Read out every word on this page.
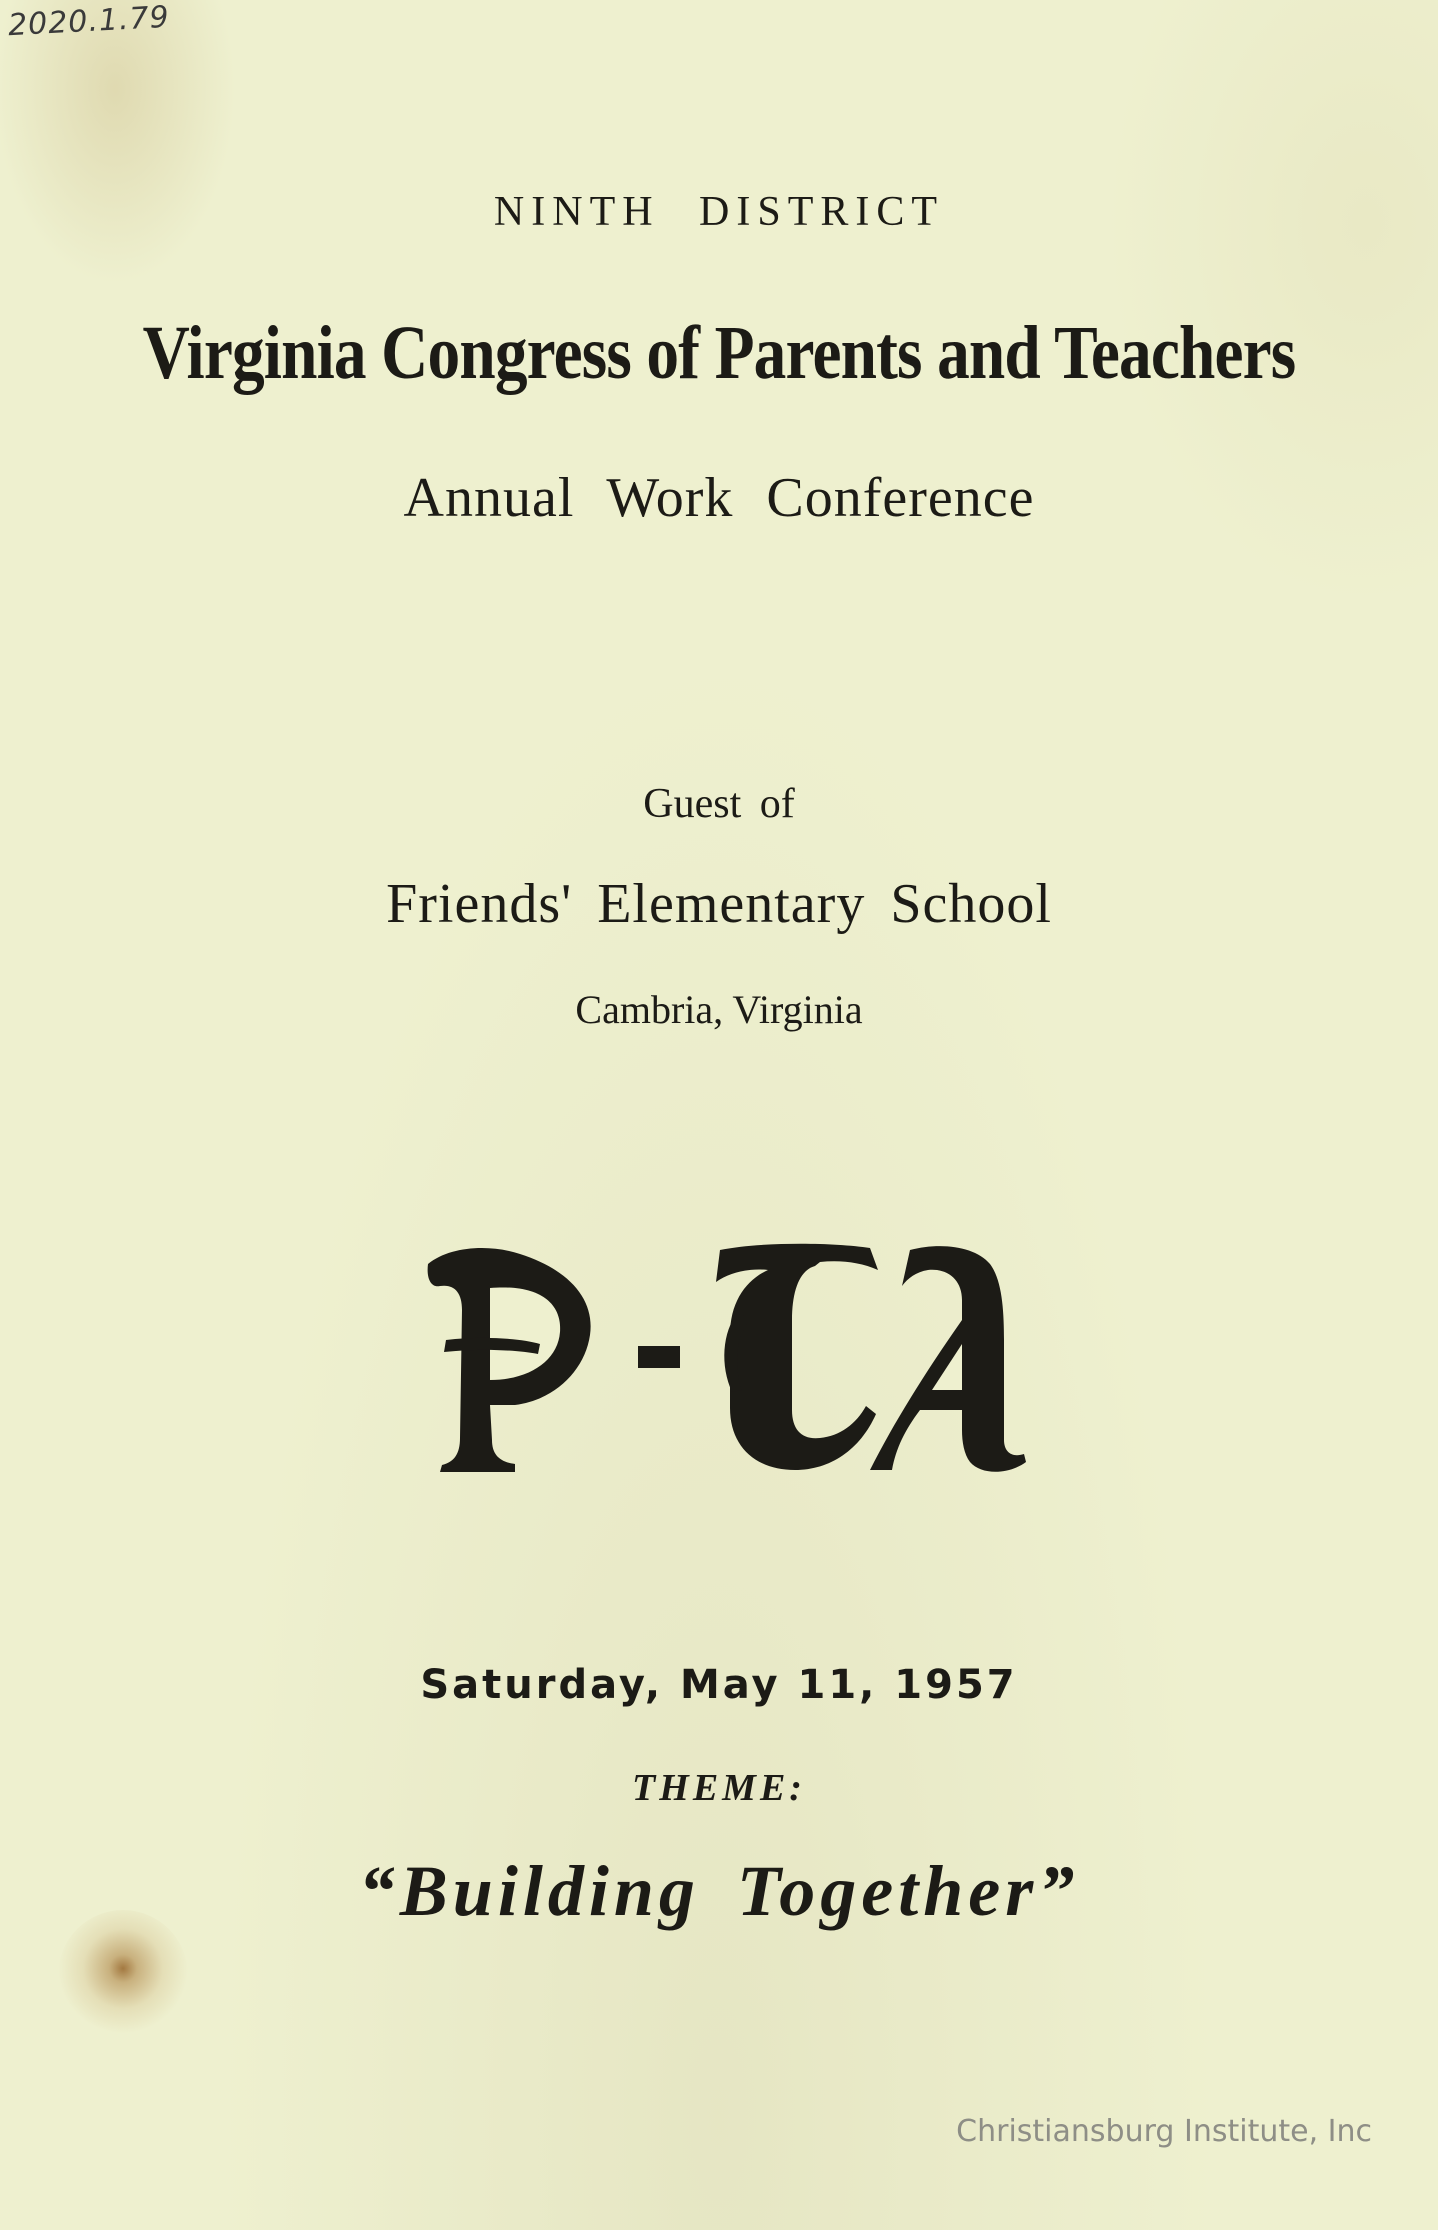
2020.1.79
NINTH DISTRICT
Virginia Congress of Parents and Teachers
Annual Work Conference
Guest of
Friends' Elementary School
Cambria, Virginia
Saturday, May 11, 1957
THEME:
“Building Together”
Christiansburg Institute, Inc
